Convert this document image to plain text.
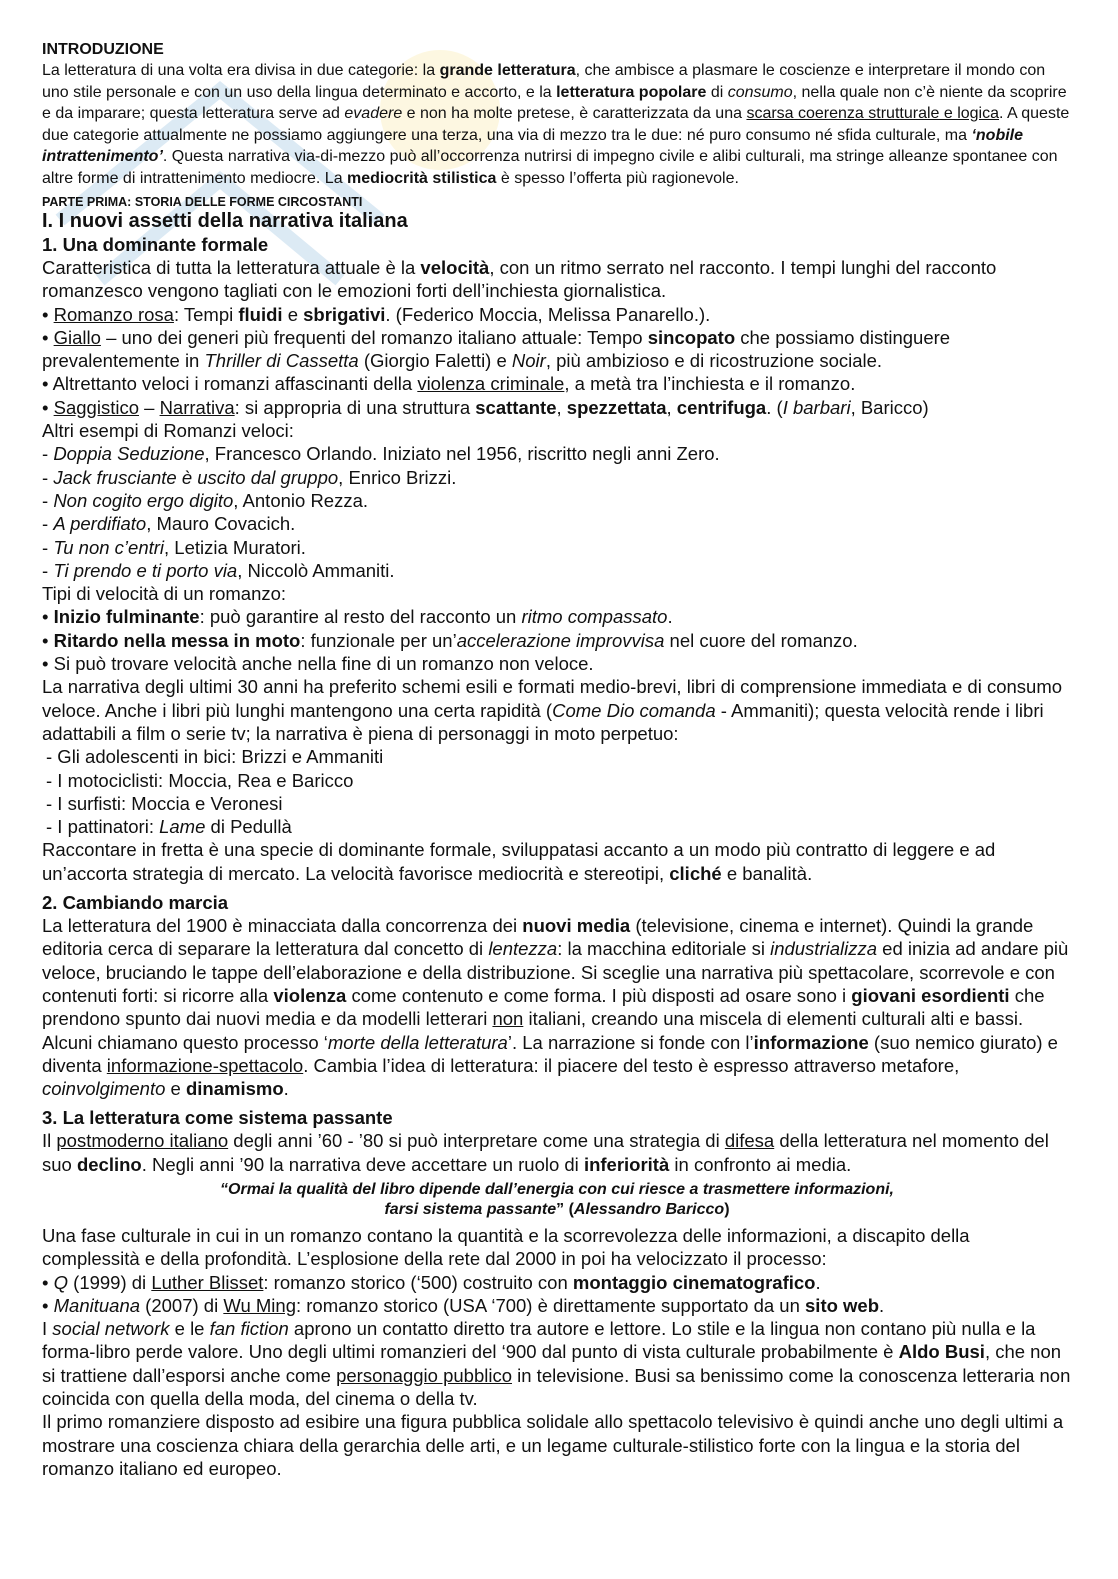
INTRODUZIONE
La letteratura di una volta era divisa in due categorie: la grande letteratura, che ambisce a plasmare le coscienze e interpretare il mondo con uno stile personale e con un uso della lingua determinato e accorto, e la letteratura popolare di consumo, nella quale non c’è niente da scoprire e da imparare; questa letteratura serve ad evadere e non ha molte pretese, è caratterizzata da una scarsa coerenza strutturale e logica. A queste due categorie attualmente ne possiamo aggiungere una terza, una via di mezzo tra le due: né puro consumo né sfida culturale, ma ‘nobile intrattenimento’. Questa narrativa via-di-mezzo può all’occorrenza nutrirsi di impegno civile e alibi culturali, ma stringe alleanze spontanee con altre forme di intrattenimento mediocre. La mediocrità stilistica è spesso l’offerta più ragionevole.
PARTE PRIMA: STORIA DELLE FORME CIRCOSTANTI
I. I nuovi assetti della narrativa italiana
1. Una dominante formale
Caratteristica di tutta la letteratura attuale è la velocità, con un ritmo serrato nel racconto. I tempi lunghi del racconto romanzesco vengono tagliati con le emozioni forti dell’inchiesta giornalistica.
• Romanzo rosa: Tempi fluidi e sbrigativi. (Federico Moccia, Melissa Panarello.).
• Giallo – uno dei generi più frequenti del romanzo italiano attuale: Tempo sincopato che possiamo distinguere prevalentemente in Thriller di Cassetta (Giorgio Faletti) e Noir, più ambizioso e di ricostruzione sociale.
• Altrettanto veloci i romanzi affascinanti della violenza criminale, a metà tra l’inchiesta e il romanzo.
• Saggistico – Narrativa: si appropria di una struttura scattante, spezzettata, centrifuga. (I barbari, Baricco)
Altri esempi di Romanzi veloci:
- Doppia Seduzione, Francesco Orlando. Iniziato nel 1956, riscritto negli anni Zero.
- Jack frusciante è uscito dal gruppo, Enrico Brizzi.
- Non cogito ergo digito, Antonio Rezza.
- A perdifiato, Mauro Covacich.
- Tu non c’entri, Letizia Muratori.
- Ti prendo e ti porto via, Niccolò Ammaniti.
Tipi di velocità di un romanzo:
• Inizio fulminante: può garantire al resto del racconto un ritmo compassato.
• Ritardo nella messa in moto: funzionale per un’accelerazione improvvisa nel cuore del romanzo.
• Si può trovare velocità anche nella fine di un romanzo non veloce.
La narrativa degli ultimi 30 anni ha preferito schemi esili e formati medio-brevi, libri di comprensione immediata e di consumo veloce. Anche i libri più lunghi mantengono una certa rapidità (Come Dio comanda - Ammaniti); questa velocità rende i libri adattabili a film o serie tv; la narrativa è piena di personaggi in moto perpetuo:
- Gli adolescenti in bici: Brizzi e Ammaniti
- I motociclisti: Moccia, Rea e Baricco
- I surfisti: Moccia e Veronesi
- I pattinatori: Lame di Pedullà
Raccontare in fretta è una specie di dominante formale, sviluppatasi accanto a un modo più contratto di leggere e ad un’accorta strategia di mercato. La velocità favorisce mediocrità e stereotipi, cliché e banalità.
2. Cambiando marcia
La letteratura del 1900 è minacciata dalla concorrenza dei nuovi media (televisione, cinema e internet). Quindi la grande editoria cerca di separare la letteratura dal concetto di lentezza: la macchina editoriale si industrializza ed inizia ad andare più veloce, bruciando le tappe dell’elaborazione e della distribuzione. Si sceglie una narrativa più spettacolare, scorrevole e con contenuti forti: si ricorre alla violenza come contenuto e come forma. I più disposti ad osare sono i giovani esordienti che prendono spunto dai nuovi media e da modelli letterari non italiani, creando una miscela di elementi culturali alti e bassi. Alcuni chiamano questo processo ‘morte della letteratura’. La narrazione si fonde con l’informazione (suo nemico giurato) e diventa informazione-spettacolo. Cambia l’idea di letteratura: il piacere del testo è espresso attraverso metafore, coinvolgimento e dinamismo.
3. La letteratura come sistema passante
Il postmoderno italiano degli anni ’60 - ’80 si può interpretare come una strategia di difesa della letteratura nel momento del suo declino. Negli anni ’90 la narrativa deve accettare un ruolo di inferiorità in confronto ai media.
“Ormai la qualità del libro dipende dall’energia con cui riesce a trasmettere informazioni,
farsi sistema passante” (Alessandro Baricco)
Una fase culturale in cui in un romanzo contano la quantità e la scorrevolezza delle informazioni, a discapito della complessità e della profondità. L’esplosione della rete dal 2000 in poi ha velocizzato il processo:
• Q (1999) di Luther Blisset: romanzo storico (‘500) costruito con montaggio cinematografico.
• Manituana (2007) di Wu Ming: romanzo storico (USA ‘700) è direttamente supportato da un sito web.
I social network e le fan fiction aprono un contatto diretto tra autore e lettore. Lo stile e la lingua non contano più nulla e la forma-libro perde valore. Uno degli ultimi romanzieri del ‘900 dal punto di vista culturale probabilmente è Aldo Busi, che non si trattiene dall’esporsi anche come personaggio pubblico in televisione. Busi sa benissimo come la conoscenza letteraria non coincida con quella della moda, del cinema o della tv.
Il primo romanziere disposto ad esibire una figura pubblica solidale allo spettacolo televisivo è quindi anche uno degli ultimi a mostrare una coscienza chiara della gerarchia delle arti, e un legame culturale-stilistico forte con la lingua e la storia del romanzo italiano ed europeo.
